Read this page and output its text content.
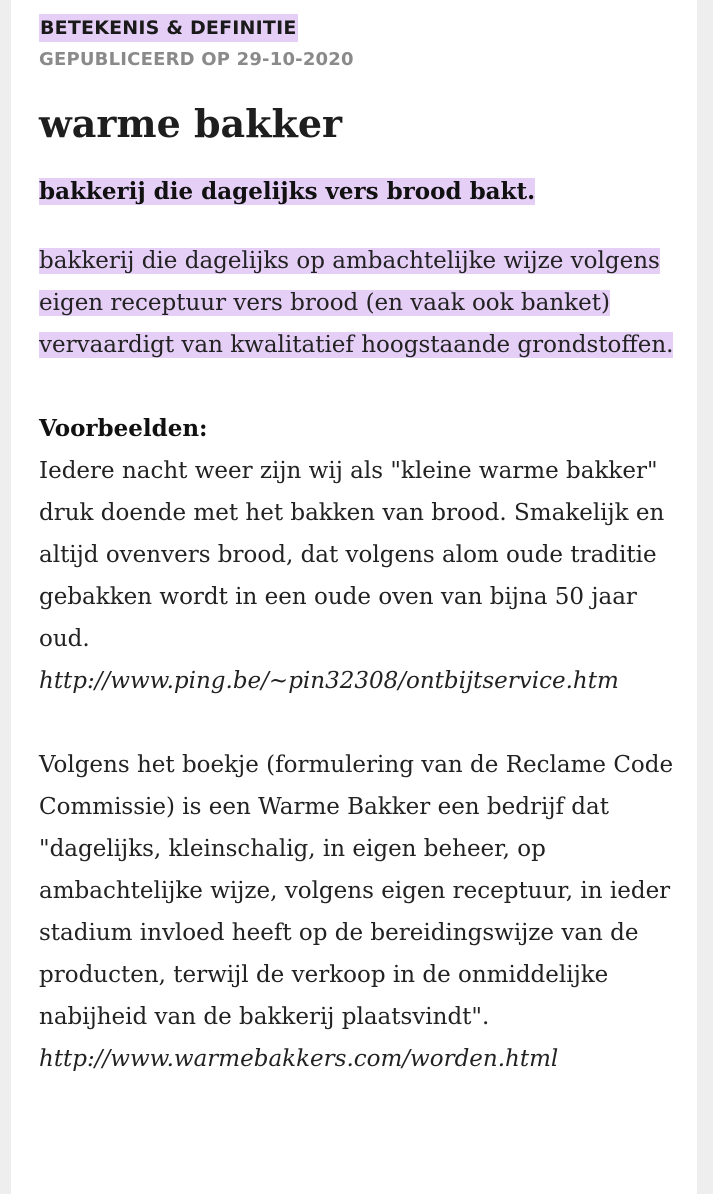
BETEKENIS & DEFINITIE
GEPUBLICEERD OP 29-10-2020
warme bakker
bakkerij die dagelijks vers brood bakt.
bakkerij die dagelijks op ambachtelijke wijze volgens eigen receptuur vers brood (en vaak ook banket) vervaardigt van kwalitatief hoogstaande grondstoffen.
Voorbeelden:
Iedere nacht weer zijn wij als "kleine warme bakker" druk doende met het bakken van brood. Smakelijk en altijd ovenvers brood, dat volgens alom oude traditie gebakken wordt in een oude oven van bijna 50 jaar oud.
http://www.ping.be/~pin32308/ontbijtservice.htm
Volgens het boekje (formulering van de Reclame Code Commissie) is een Warme Bakker een bedrijf dat "dagelijks, kleinschalig, in eigen beheer, op ambachtelijke wijze, volgens eigen receptuur, in ieder stadium invloed heeft op de bereidingswijze van de producten, terwijl de verkoop in de onmiddelijke nabijheid van de bakkerij plaatsvindt".
http://www.warmebakkers.com/worden.html
